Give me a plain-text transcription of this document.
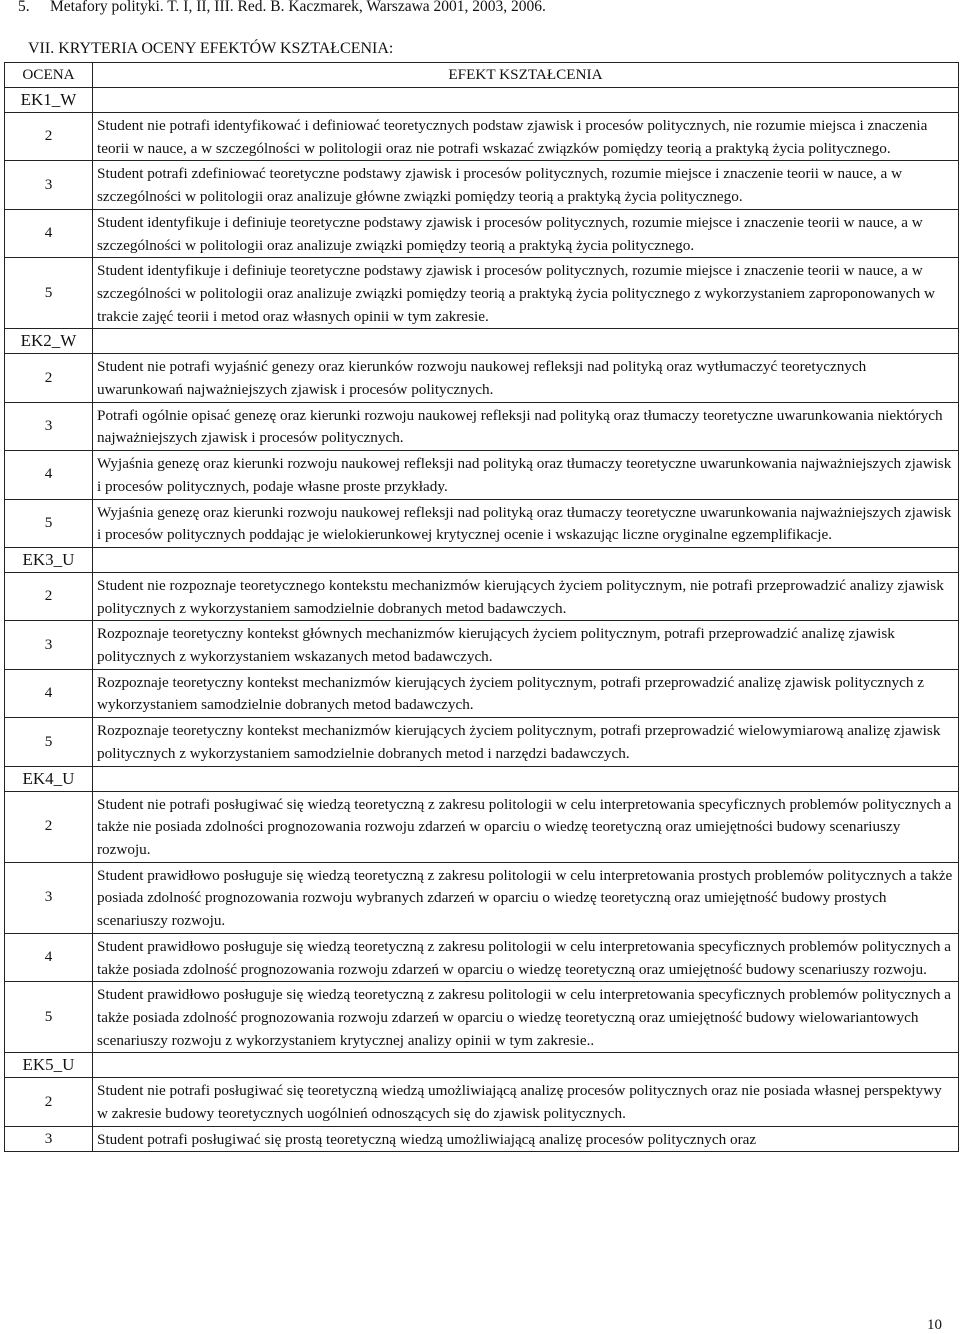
5. Metafory polityki. T. I, II, III. Red. B. Kaczmarek, Warszawa 2001, 2003, 2006.
VII. KRYTERIA OCENY EFEKTÓW KSZTAŁCENIA:
OCENA	EFEKT KSZTAŁCENIA
EK1_W	
2	Student nie potrafi identyfikować i definiować teoretycznych podstaw zjawisk i procesów politycznych, nie rozumie miejsca i znaczenia teorii w nauce, a w szczególności w politologii oraz nie potrafi wskazać związków pomiędzy teorią a praktyką życia politycznego.
3	Student potrafi zdefiniować teoretyczne podstawy zjawisk i procesów politycznych, rozumie miejsce i znaczenie teorii w nauce, a w szczególności w politologii oraz analizuje główne związki pomiędzy teorią a praktyką życia politycznego.
4	Student identyfikuje i definiuje teoretyczne podstawy zjawisk i procesów politycznych, rozumie miejsce i znaczenie teorii w nauce, a w szczególności w politologii oraz analizuje związki pomiędzy teorią a praktyką życia politycznego.
5	Student identyfikuje i definiuje teoretyczne podstawy zjawisk i procesów politycznych, rozumie miejsce i znaczenie teorii w nauce, a w szczególności w politologii oraz analizuje związki pomiędzy teorią a praktyką życia politycznego z wykorzystaniem zaproponowanych w trakcie zajęć teorii i metod oraz własnych opinii w tym zakresie.
EK2_W	
2	Student nie potrafi wyjaśnić genezy oraz kierunków rozwoju naukowej refleksji nad polityką oraz wytłumaczyć teoretycznych uwarunkowań najważniejszych zjawisk i procesów politycznych.
3	Potrafi ogólnie opisać genezę oraz kierunki rozwoju naukowej refleksji nad polityką oraz tłumaczy teoretyczne uwarunkowania niektórych najważniejszych zjawisk i procesów politycznych.
4	Wyjaśnia genezę oraz kierunki rozwoju naukowej refleksji nad polityką oraz tłumaczy teoretyczne uwarunkowania najważniejszych zjawisk i procesów politycznych, podaje własne proste przykłady.
5	Wyjaśnia genezę oraz kierunki rozwoju naukowej refleksji nad polityką oraz tłumaczy teoretyczne uwarunkowania najważniejszych zjawisk i procesów politycznych poddając je wielokierunkowej krytycznej ocenie i wskazując liczne oryginalne egzemplifikacje.
EK3_U	
2	Student nie rozpoznaje teoretycznego kontekstu mechanizmów kierujących życiem politycznym, nie potrafi przeprowadzić analizy zjawisk politycznych z wykorzystaniem samodzielnie dobranych metod badawczych.
3	Rozpoznaje teoretyczny kontekst głównych mechanizmów kierujących życiem politycznym, potrafi przeprowadzić analizę zjawisk politycznych z wykorzystaniem wskazanych metod badawczych.
4	Rozpoznaje teoretyczny kontekst mechanizmów kierujących życiem politycznym, potrafi przeprowadzić analizę zjawisk politycznych z wykorzystaniem samodzielnie dobranych metod badawczych.
5	Rozpoznaje teoretyczny kontekst mechanizmów kierujących życiem politycznym, potrafi przeprowadzić wielowymiarową analizę zjawisk politycznych z wykorzystaniem samodzielnie dobranych metod i narzędzi badawczych.
EK4_U	
2	Student nie potrafi posługiwać się wiedzą teoretyczną z zakresu politologii w celu interpretowania specyficznych problemów politycznych a także nie posiada zdolności prognozowania rozwoju zdarzeń w oparciu o wiedzę teoretyczną oraz umiejętności budowy scenariuszy rozwoju.
3	Student prawidłowo posługuje się wiedzą teoretyczną z zakresu politologii w celu interpretowania prostych problemów politycznych a także posiada zdolność prognozowania rozwoju wybranych zdarzeń w oparciu o wiedzę teoretyczną oraz umiejętność budowy prostych scenariuszy rozwoju.
4	Student prawidłowo posługuje się wiedzą teoretyczną z zakresu politologii w celu interpretowania specyficznych problemów politycznych a także posiada zdolność prognozowania rozwoju zdarzeń w oparciu o wiedzę teoretyczną oraz umiejętność budowy scenariuszy rozwoju.
5	Student prawidłowo posługuje się wiedzą teoretyczną z zakresu politologii w celu interpretowania specyficznych problemów politycznych a także posiada zdolność prognozowania rozwoju zdarzeń w oparciu o wiedzę teoretyczną oraz umiejętność budowy wielowariantowych scenariuszy rozwoju z wykorzystaniem krytycznej analizy opinii w tym zakresie..
EK5_U	
2	Student nie potrafi posługiwać się teoretyczną wiedzą umożliwiającą analizę procesów politycznych oraz nie posiada własnej perspektywy w zakresie budowy teoretycznych uogólnień odnoszących się do zjawisk politycznych.
3	Student potrafi posługiwać się prostą teoretyczną wiedzą umożliwiającą analizę procesów politycznych oraz
10
